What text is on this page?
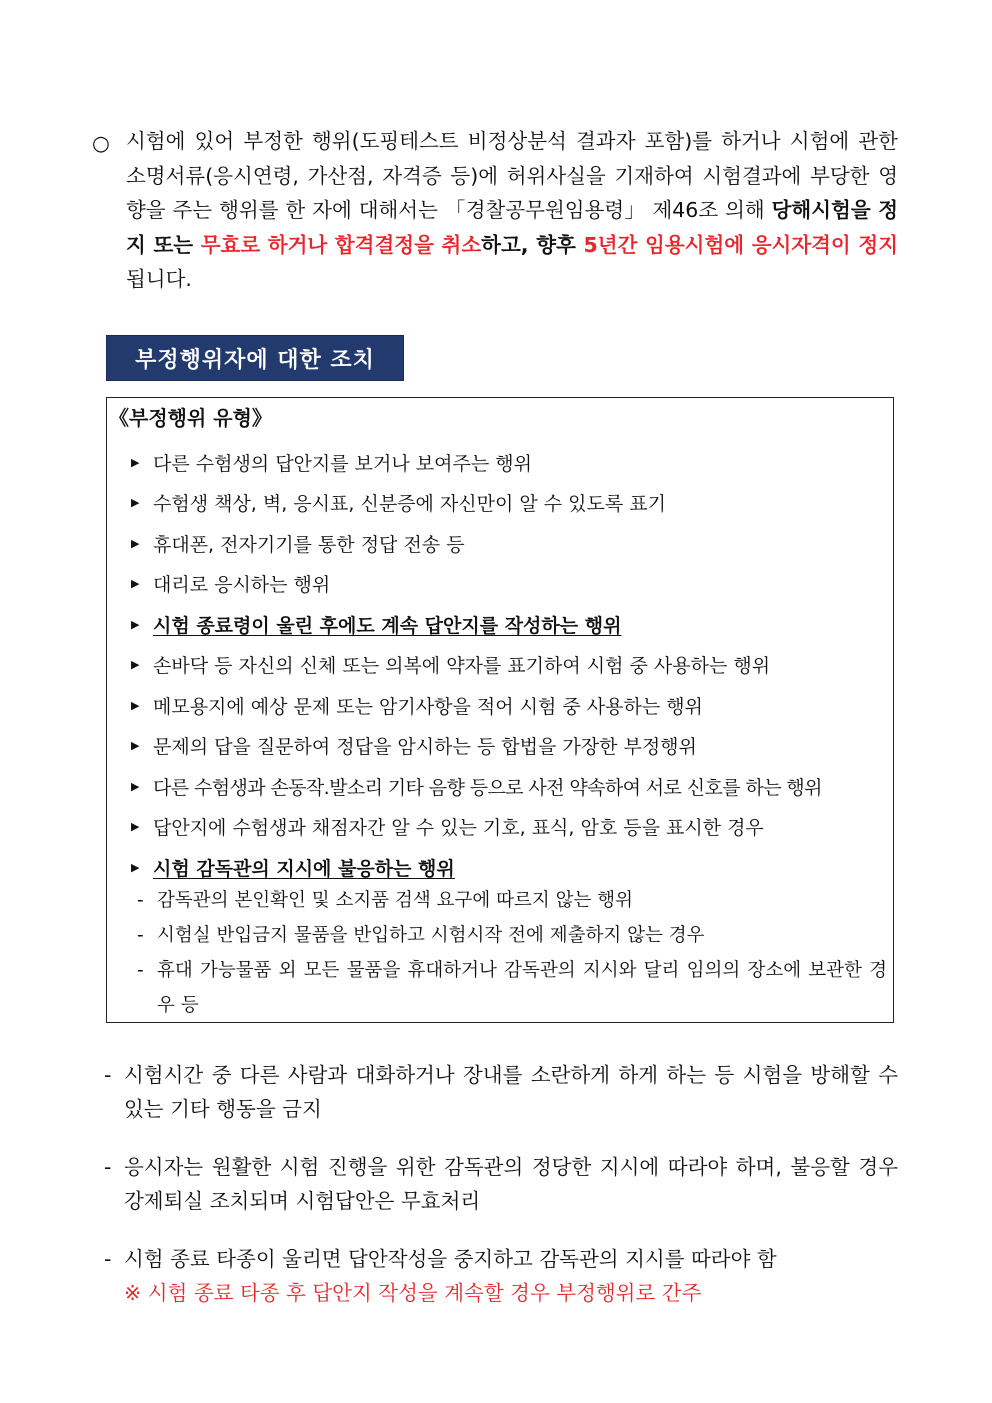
○ 시험에 있어 부정한 행위(도핑테스트 비정상분석 결과자 포함)를 하거나 시험에 관한 소명서류(응시연령, 가산점, 자격증 등)에 허위사실을 기재하여 시험결과에 부당한 영향을 주는 행위를 한 자에 대해서는 「경찰공무원임용령」 제46조 의해 당해시험을 정지 또는 무효로 하거나 합격결정을 취소하고, 향후 5년간 임용시험에 응시자격이 정지됩니다.
부정행위자에 대한 조치
《부정행위 유형》
▶ 다른 수험생의 답안지를 보거나 보여주는 행위
▶ 수험생 책상, 벽, 응시표, 신분증에 자신만이 알 수 있도록 표기
▶ 휴대폰, 전자기기를 통한 정답 전송 등
▶ 대리로 응시하는 행위
▶ 시험 종료령이 울린 후에도 계속 답안지를 작성하는 행위
▶ 손바닥 등 자신의 신체 또는 의복에 약자를 표기하여 시험 중 사용하는 행위
▶ 메모용지에 예상 문제 또는 암기사항을 적어 시험 중 사용하는 행위
▶ 문제의 답을 질문하여 정답을 암시하는 등 합법을 가장한 부정행위
▶ 다른 수험생과 손동작.발소리 기타 음향 등으로 사전 약속하여 서로 신호를 하는 행위
▶ 답안지에 수험생과 채점자간 알 수 있는 기호, 표식, 암호 등을 표시한 경우
▶ 시험 감독관의 지시에 불응하는 행위
- 감독관의 본인확인 및 소지품 검색 요구에 따르지 않는 행위
- 시험실 반입금지 물품을 반입하고 시험시작 전에 제출하지 않는 경우
- 휴대 가능물품 외 모든 물품을 휴대하거나 감독관의 지시와 달리 임의의 장소에 보관한 경우 등
- 시험시간 중 다른 사람과 대화하거나 장내를 소란하게 하게 하는 등 시험을 방해할 수 있는 기타 행동을 금지
- 응시자는 원활한 시험 진행을 위한 감독관의 정당한 지시에 따라야 하며, 불응할 경우 강제퇴실 조치되며 시험답안은 무효처리
- 시험 종료 타종이 울리면 답안작성을 중지하고 감독관의 지시를 따라야 함
※ 시험 종료 타종 후 답안지 작성을 계속할 경우 부정행위로 간주
